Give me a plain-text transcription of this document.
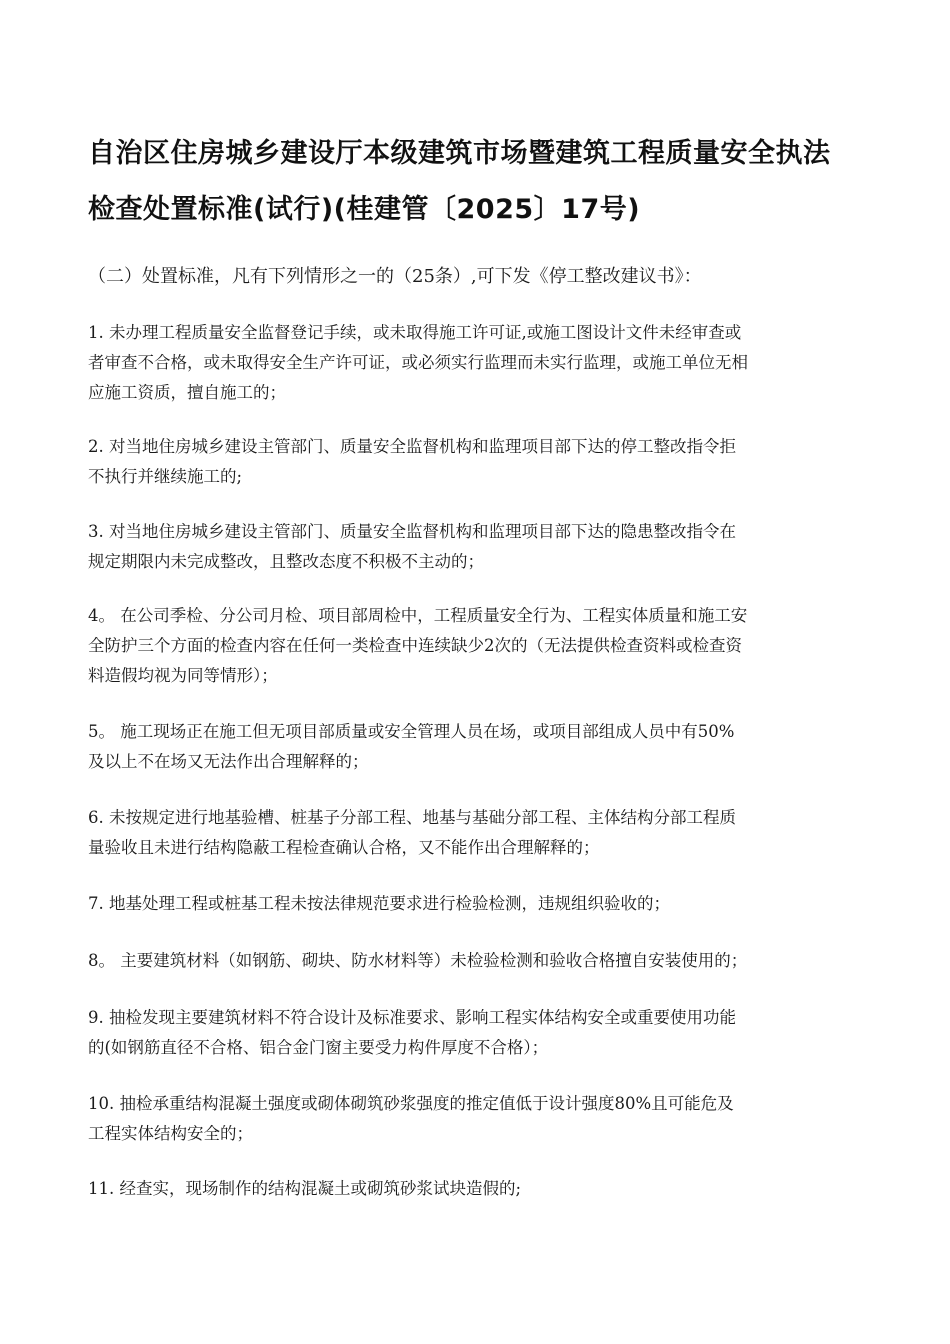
自治区住房城乡建设厅本级建筑市场暨建筑工程质量安全执法
检查处置标准(试行)(桂建管〔2025〕17号)

（二）处置标准，凡有下列情形之一的（25条）,可下发《停工整改建议书》：

1. 未办理工程质量安全监督登记手续，或未取得施工许可证,或施工图设计文件未经审查或
者审查不合格，或未取得安全生产许可证，或必须实行监理而未实行监理，或施工单位无相
应施工资质，擅自施工的；
2. 对当地住房城乡建设主管部门、质量安全监督机构和监理项目部下达的停工整改指令拒
不执行并继续施工的;
3. 对当地住房城乡建设主管部门、质量安全监督机构和监理项目部下达的隐患整改指令在
规定期限内未完成整改，且整改态度不积极不主动的；
4。 在公司季检、分公司月检、项目部周检中，工程质量安全行为、工程实体质量和施工安
全防护三个方面的检查内容在任何一类检查中连续缺少2次的（无法提供检查资料或检查资
料造假均视为同等情形）；
5。 施工现场正在施工但无项目部质量或安全管理人员在场，或项目部组成人员中有50%
及以上不在场又无法作出合理解释的；
6. 未按规定进行地基验槽、桩基子分部工程、地基与基础分部工程、主体结构分部工程质
量验收且未进行结构隐蔽工程检查确认合格，又不能作出合理解释的；
7. 地基处理工程或桩基工程未按法律规范要求进行检验检测，违规组织验收的；
8。 主要建筑材料（如钢筋、砌块、防水材料等）未检验检测和验收合格擅自安装使用的；
9. 抽检发现主要建筑材料不符合设计及标准要求、影响工程实体结构安全或重要使用功能
的(如钢筋直径不合格、铝合金门窗主要受力构件厚度不合格）；
10. 抽检承重结构混凝土强度或砌体砌筑砂浆强度的推定值低于设计强度80%且可能危及
工程实体结构安全的；
11. 经查实，现场制作的结构混凝土或砌筑砂浆试块造假的;
